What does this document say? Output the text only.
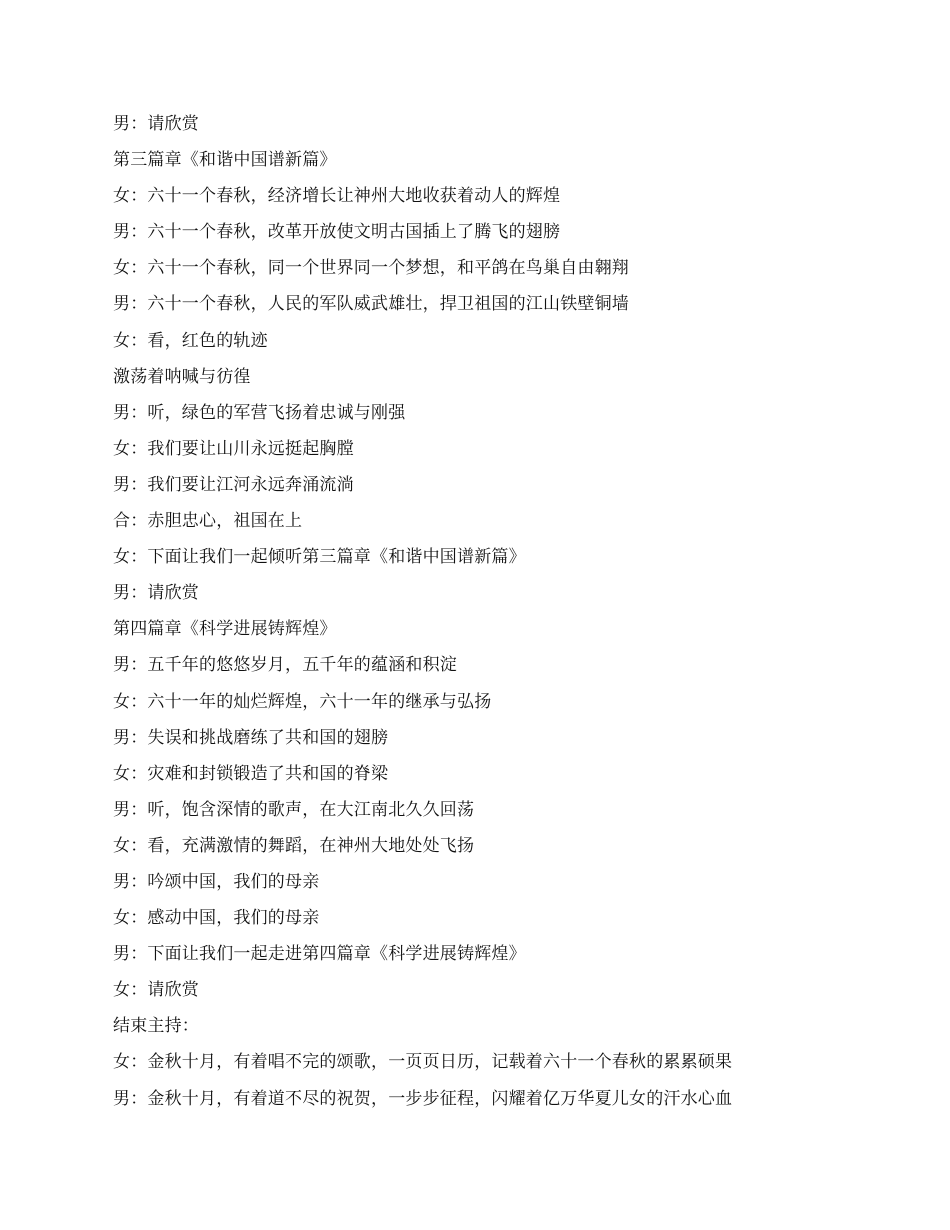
男：请欣赏
第三篇章《和谐中国谱新篇》
女：六十一个春秋，经济增长让神州大地收获着动人的辉煌
男：六十一个春秋，改革开放使文明古国插上了腾飞的翅膀
女：六十一个春秋，同一个世界同一个梦想，和平鸽在鸟巢自由翱翔
男：六十一个春秋，人民的军队威武雄壮，捍卫祖国的江山铁壁铜墙
女：看，红色的轨迹
激荡着呐喊与彷徨
男：听，绿色的军营飞扬着忠诚与刚强
女：我们要让山川永远挺起胸膛
男：我们要让江河永远奔涌流淌
合：赤胆忠心，祖国在上
女：下面让我们一起倾听第三篇章《和谐中国谱新篇》
男：请欣赏
第四篇章《科学进展铸辉煌》
男：五千年的悠悠岁月，五千年的蕴涵和积淀
女：六十一年的灿烂辉煌，六十一年的继承与弘扬
男：失误和挑战磨练了共和国的翅膀
女：灾难和封锁锻造了共和国的脊梁
男：听，饱含深情的歌声，在大江南北久久回荡
女：看，充满激情的舞蹈，在神州大地处处飞扬
男：吟颂中国，我们的母亲
女：感动中国，我们的母亲
男：下面让我们一起走进第四篇章《科学进展铸辉煌》
女：请欣赏
结束主持：
女：金秋十月，有着唱不完的颂歌，一页页日历，记载着六十一个春秋的累累硕果
男：金秋十月，有着道不尽的祝贺，一步步征程，闪耀着亿万华夏儿女的汗水心血
